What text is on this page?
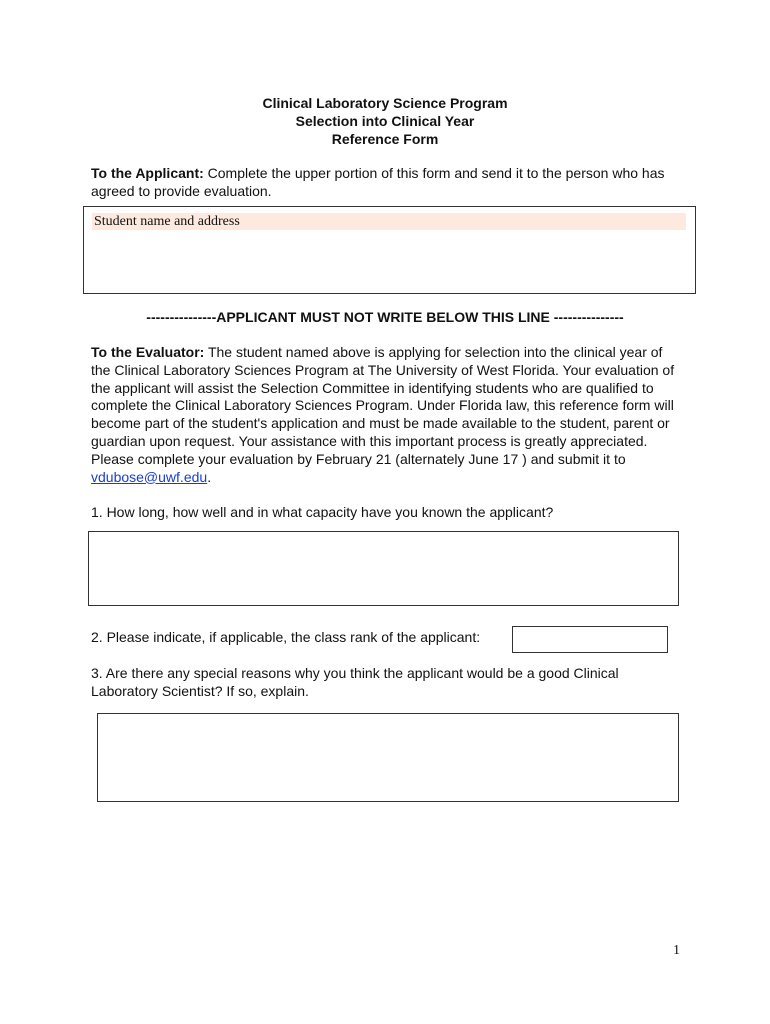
Clinical Laboratory Science Program
Selection into Clinical Year
Reference Form
To the Applicant: Complete the upper portion of this form and send it to the person who has agreed to provide evaluation.
Student name and address
---------------APPLICANT MUST NOT WRITE BELOW THIS LINE ---------------
To the Evaluator: The student named above is applying for selection into the clinical year of the Clinical Laboratory Sciences Program at The University of West Florida. Your evaluation of the applicant will assist the Selection Committee in identifying students who are qualified to complete the Clinical Laboratory Sciences Program. Under Florida law, this reference form will become part of the student's application and must be made available to the student, parent or guardian upon request. Your assistance with this important process is greatly appreciated. Please complete your evaluation by February 21 (alternately June 17 ) and submit it to vdubose@uwf.edu.
1. How long, how well and in what capacity have you known the applicant?
2. Please indicate, if applicable, the class rank of the applicant:
3. Are there any special reasons why you think the applicant would be a good Clinical Laboratory Scientist? If so, explain.
1
